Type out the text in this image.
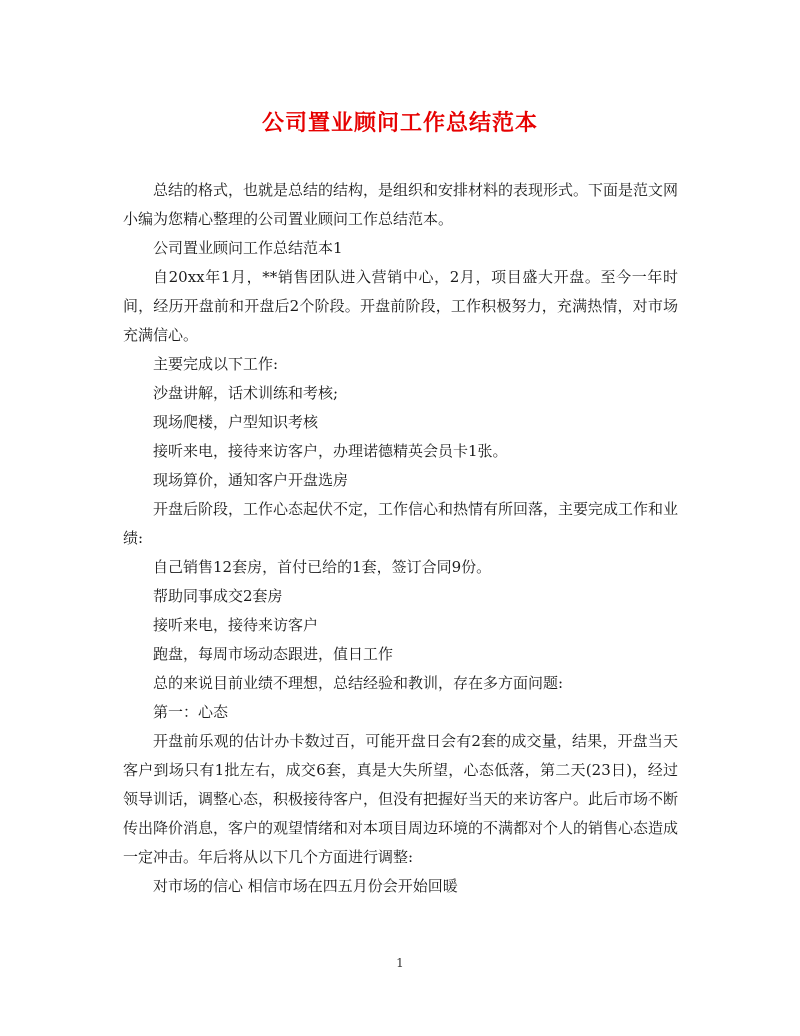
公司置业顾问工作总结范本

总结的格式，也就是总结的结构，是组织和安排材料的表现形式。下面是范文网小编为您精心整理的公司置业顾问工作总结范本。

公司置业顾问工作总结范本1

自20xx年1月，**销售团队进入营销中心，2月，项目盛大开盘。至今一年时间，经历开盘前和开盘后2个阶段。开盘前阶段，工作积极努力，充满热情，对市场充满信心。

主要完成以下工作:

沙盘讲解，话术训练和考核;

现场爬楼，户型知识考核

接听来电，接待来访客户，办理诺德精英会员卡1张。

现场算价，通知客户开盘选房

开盘后阶段，工作心态起伏不定，工作信心和热情有所回落，主要完成工作和业绩:

自己销售12套房，首付已给的1套，签订合同9份。

帮助同事成交2套房

接听来电，接待来访客户

跑盘，每周市场动态跟进，值日工作

总的来说目前业绩不理想，总结经验和教训，存在多方面问题:

第一：心态

开盘前乐观的估计办卡数过百，可能开盘日会有2套的成交量，结果，开盘当天客户到场只有1批左右，成交6套，真是大失所望，心态低落，第二天(23日)，经过领导训话，调整心态，积极接待客户，但没有把握好当天的来访客户。此后市场不断传出降价消息，客户的观望情绪和对本项目周边环境的不满都对个人的销售心态造成一定冲击。年后将从以下几个方面进行调整:

对市场的信心 相信市场在四五月份会开始回暖

1
